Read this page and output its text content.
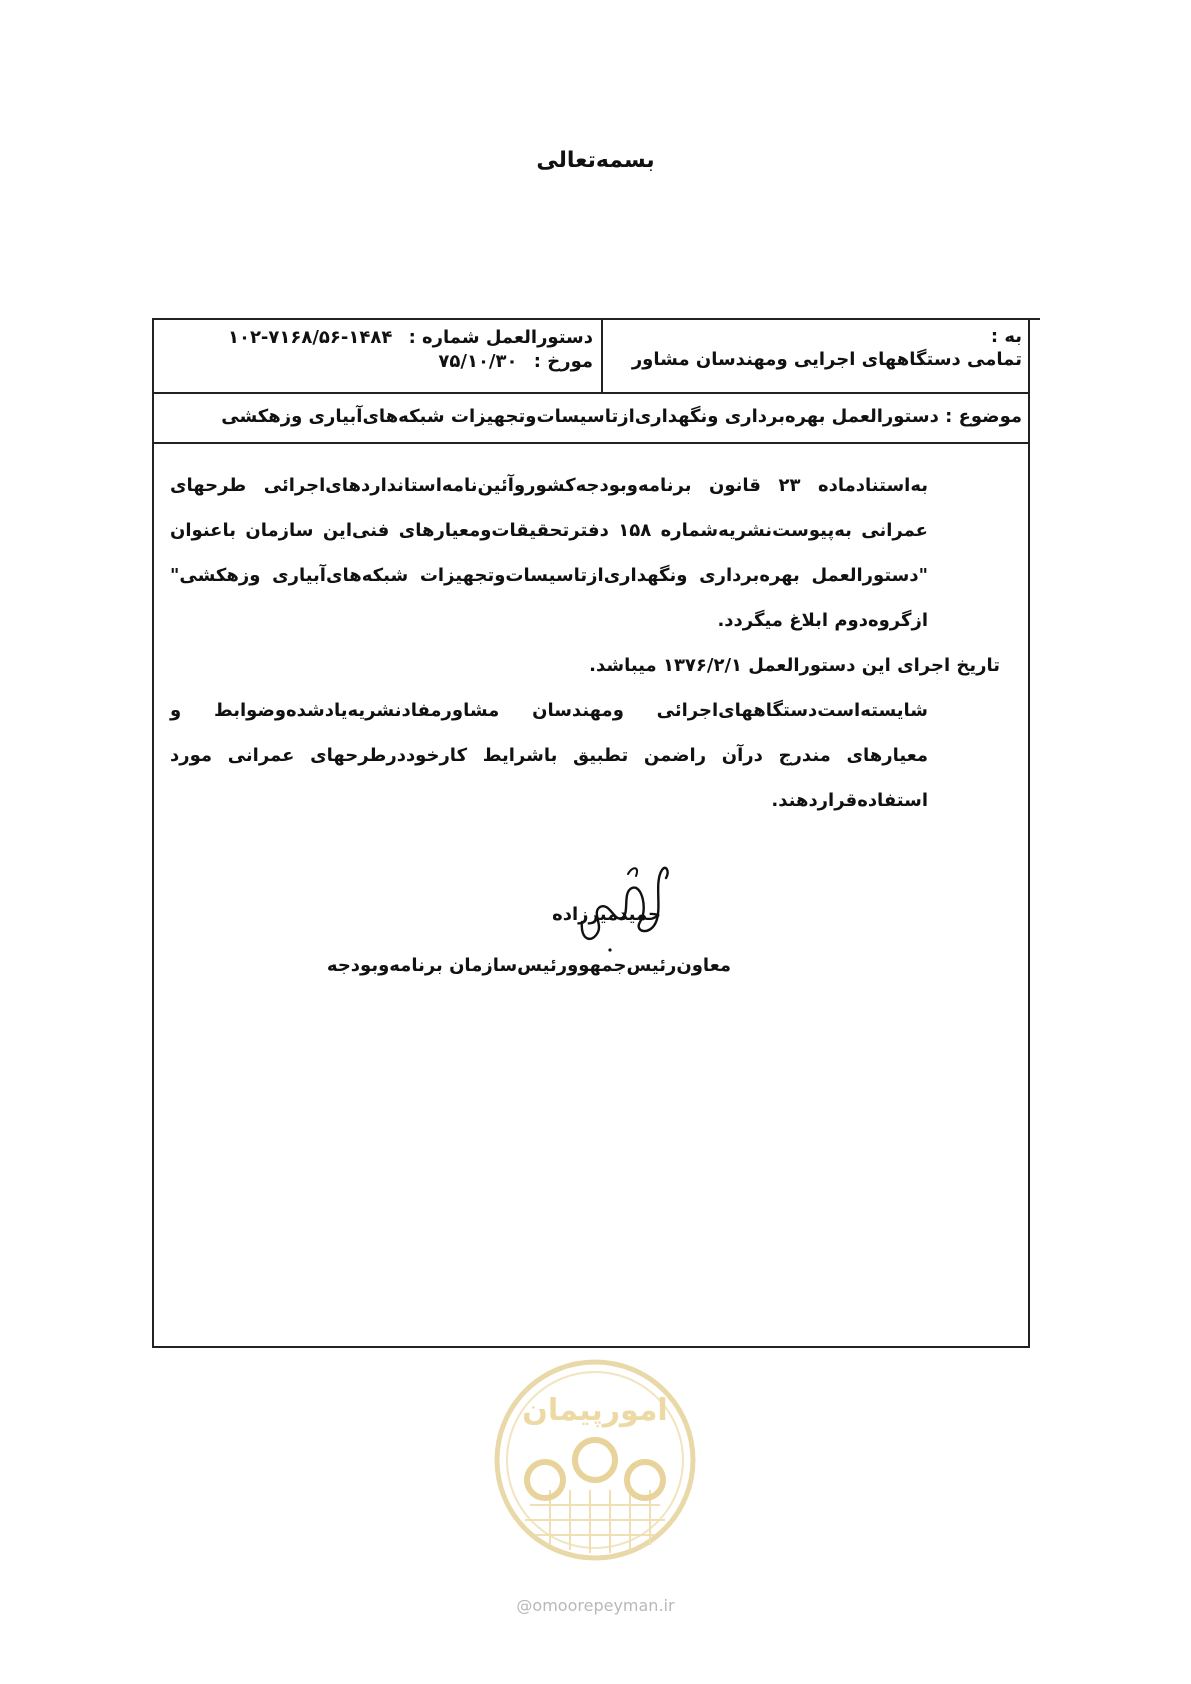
بسمه‌تعالی
به :
تمامی دستگاههای اجرایی ومهندسان مشاور
دستورالعمل شماره : ۱۰۲-۷۱۶۸/۵۶-۱۴۸۴
مورخ : ۷۵/۱۰/۳۰
موضوع : دستورالعمل بهره‌برداری ونگهداری‌ازتاسیسات‌وتجهیزات شبکه‌های‌آبیاری وزهکشی

به‌استنادماده ۲۳ قانون برنامه‌وبودجه‌کشوروآئین‌نامه‌استانداردهای‌اجرائی طرحهای عمرانی به‌پیوست‌نشریه‌شماره ۱۵۸ دفترتحقیقات‌ومعیارهای فنی‌این سازمان باعنوان "دستورالعمل بهره‌برداری ونگهداری‌ازتاسیسات‌وتجهیزات شبکه‌های‌آبیاری وزهکشی" ازگروه‌دوم ابلاغ میگردد.

تاریخ اجرای این دستورالعمل ۱۳۷۶/۲/۱ میباشد.

شایسته‌است‌دستگاههای‌اجرائی ومهندسان مشاورمفادنشریه‌یادشده‌وضوابط و معیارهای مندرج درآن راضمن تطبیق باشرایط کارخوددرطرحهای عمرانی مورد استفاده‌قراردهند.

حمیدمیرزاده
معاون‌رئیس‌جمهوورئیس‌سازمان برنامه‌وبودجه
امورپیمان
@omoorepeyman.ir
